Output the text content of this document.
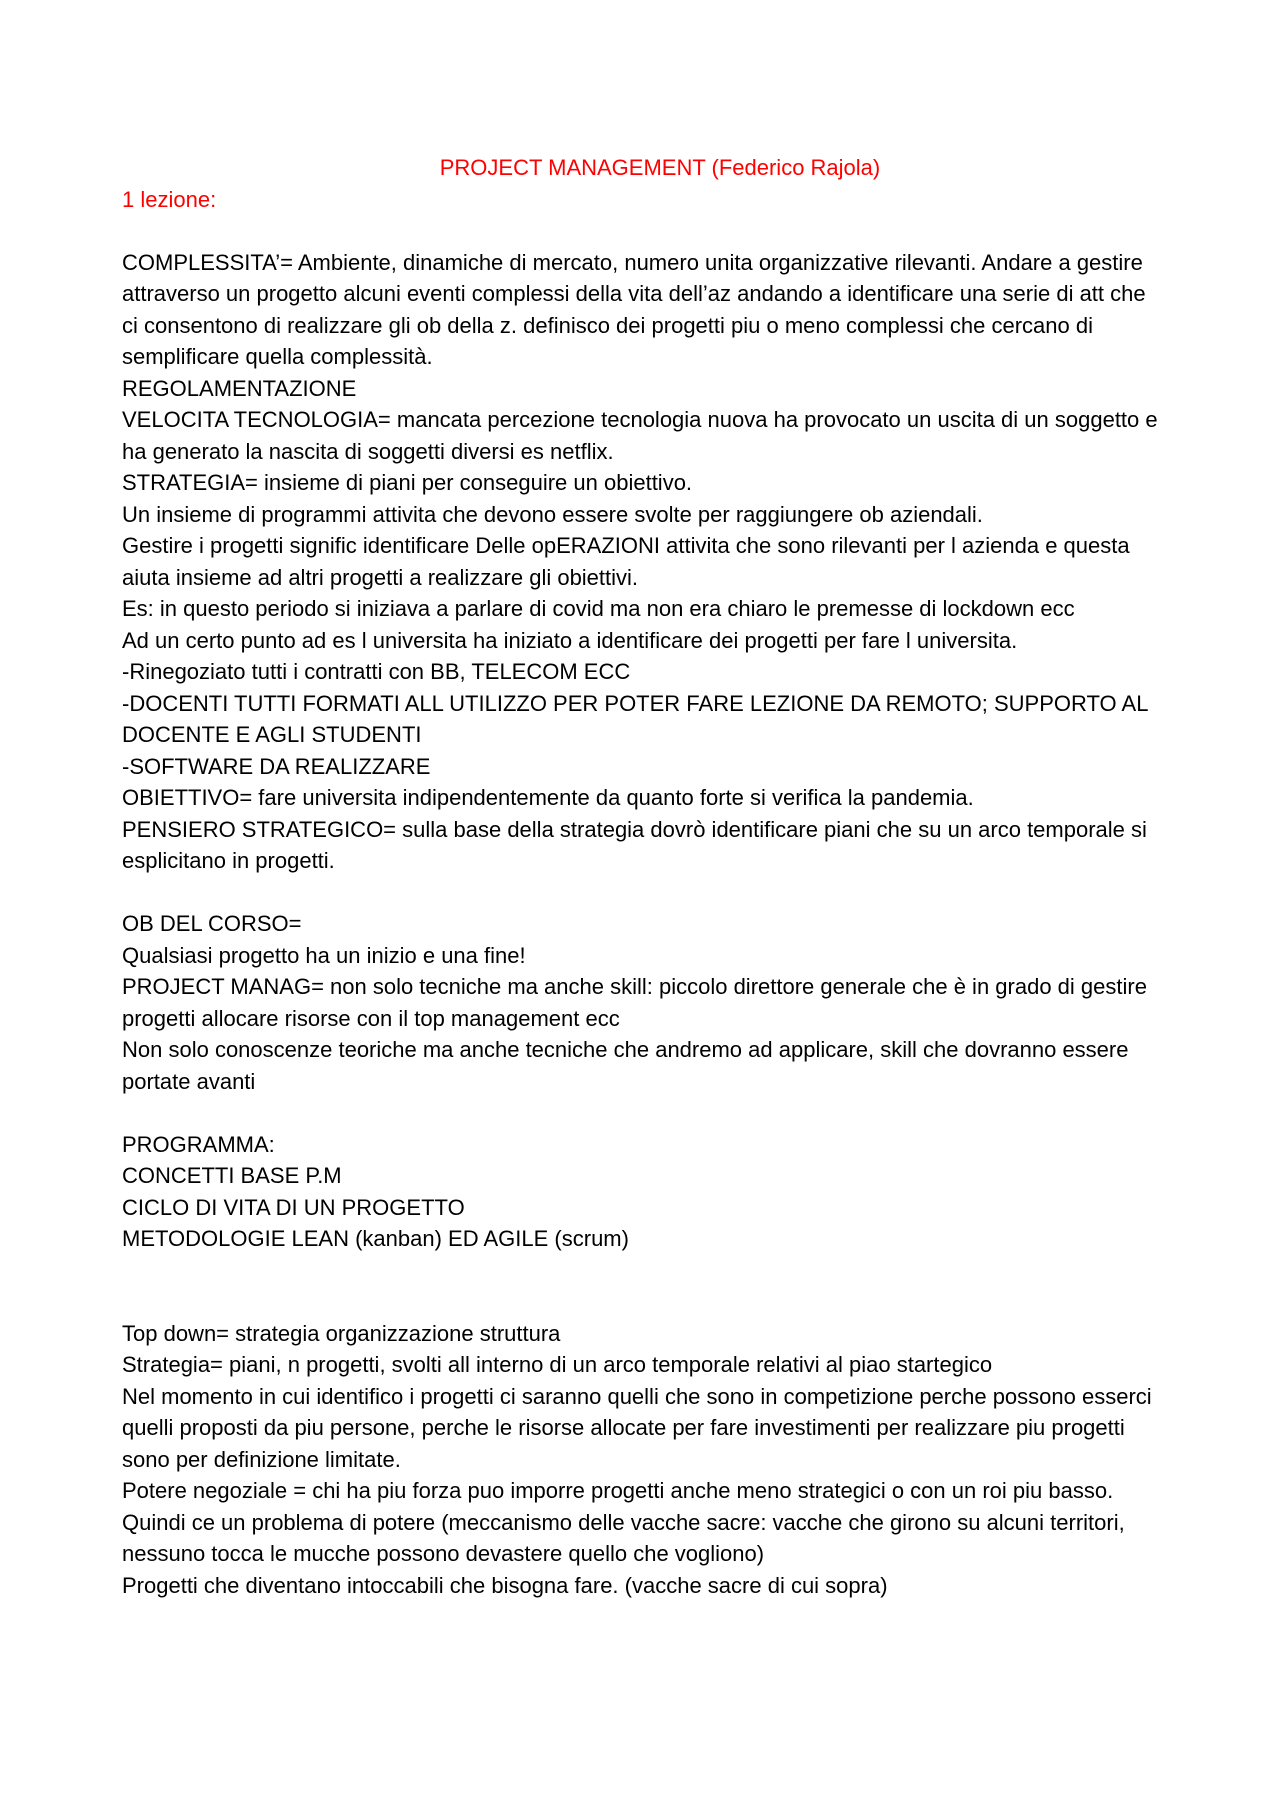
PROJECT MANAGEMENT (Federico Rajola)
1 lezione:
COMPLESSITA’= Ambiente, dinamiche di mercato, numero unita organizzative rilevanti. Andare a gestire attraverso un progetto alcuni eventi complessi della vita dell’az andando a identificare una serie di att che ci consentono di realizzare gli ob della z. definisco dei progetti piu o meno complessi che cercano di semplificare quella complessità.
REGOLAMENTAZIONE
VELOCITA TECNOLOGIA= mancata percezione tecnologia nuova ha provocato un uscita di un soggetto e ha generato la nascita di soggetti diversi es netflix.
STRATEGIA= insieme di piani per conseguire un obiettivo.
Un insieme di programmi attivita che devono essere svolte per raggiungere ob aziendali.
Gestire i progetti signific identificare Delle opERAZIONI attivita che sono rilevanti per l azienda e questa aiuta insieme ad altri progetti a realizzare gli obiettivi.
Es: in questo periodo si iniziava a parlare di covid ma non era chiaro le premesse di lockdown ecc
Ad un certo punto ad es l universita ha iniziato a identificare dei progetti per fare l universita.
-Rinegoziato tutti i contratti con BB, TELECOM ECC
-DOCENTI TUTTI FORMATI ALL UTILIZZO PER POTER FARE LEZIONE DA REMOTO; SUPPORTO AL DOCENTE E AGLI STUDENTI
-SOFTWARE DA REALIZZARE
OBIETTIVO= fare universita indipendentemente da quanto forte si verifica la pandemia.
PENSIERO STRATEGICO= sulla base della strategia dovrò identificare piani che su un arco temporale si esplicitano in progetti.
OB DEL CORSO=
Qualsiasi progetto ha un inizio e una fine!
PROJECT MANAG= non solo tecniche ma anche skill: piccolo direttore generale che è in grado di gestire progetti allocare risorse con il top management ecc
Non solo conoscenze teoriche ma anche tecniche che andremo ad applicare, skill che dovranno essere portate avanti
PROGRAMMA:
CONCETTI BASE P.M
CICLO DI VITA DI UN PROGETTO
METODOLOGIE LEAN (kanban) ED AGILE (scrum)
Top down= strategia organizzazione struttura
Strategia= piani, n progetti, svolti all interno di un arco temporale relativi al piao startegico
Nel momento in cui identifico i progetti ci saranno quelli che sono in competizione perche possono esserci quelli proposti da piu persone, perche le risorse allocate per fare investimenti per realizzare piu progetti sono per definizione limitate.
Potere negoziale = chi ha piu forza puo imporre progetti anche meno strategici o con un roi piu basso. Quindi ce un problema di potere (meccanismo delle vacche sacre: vacche che girono su alcuni territori, nessuno tocca le mucche possono devastere quello che vogliono)
Progetti che diventano intoccabili che bisogna fare. (vacche sacre di cui sopra)
